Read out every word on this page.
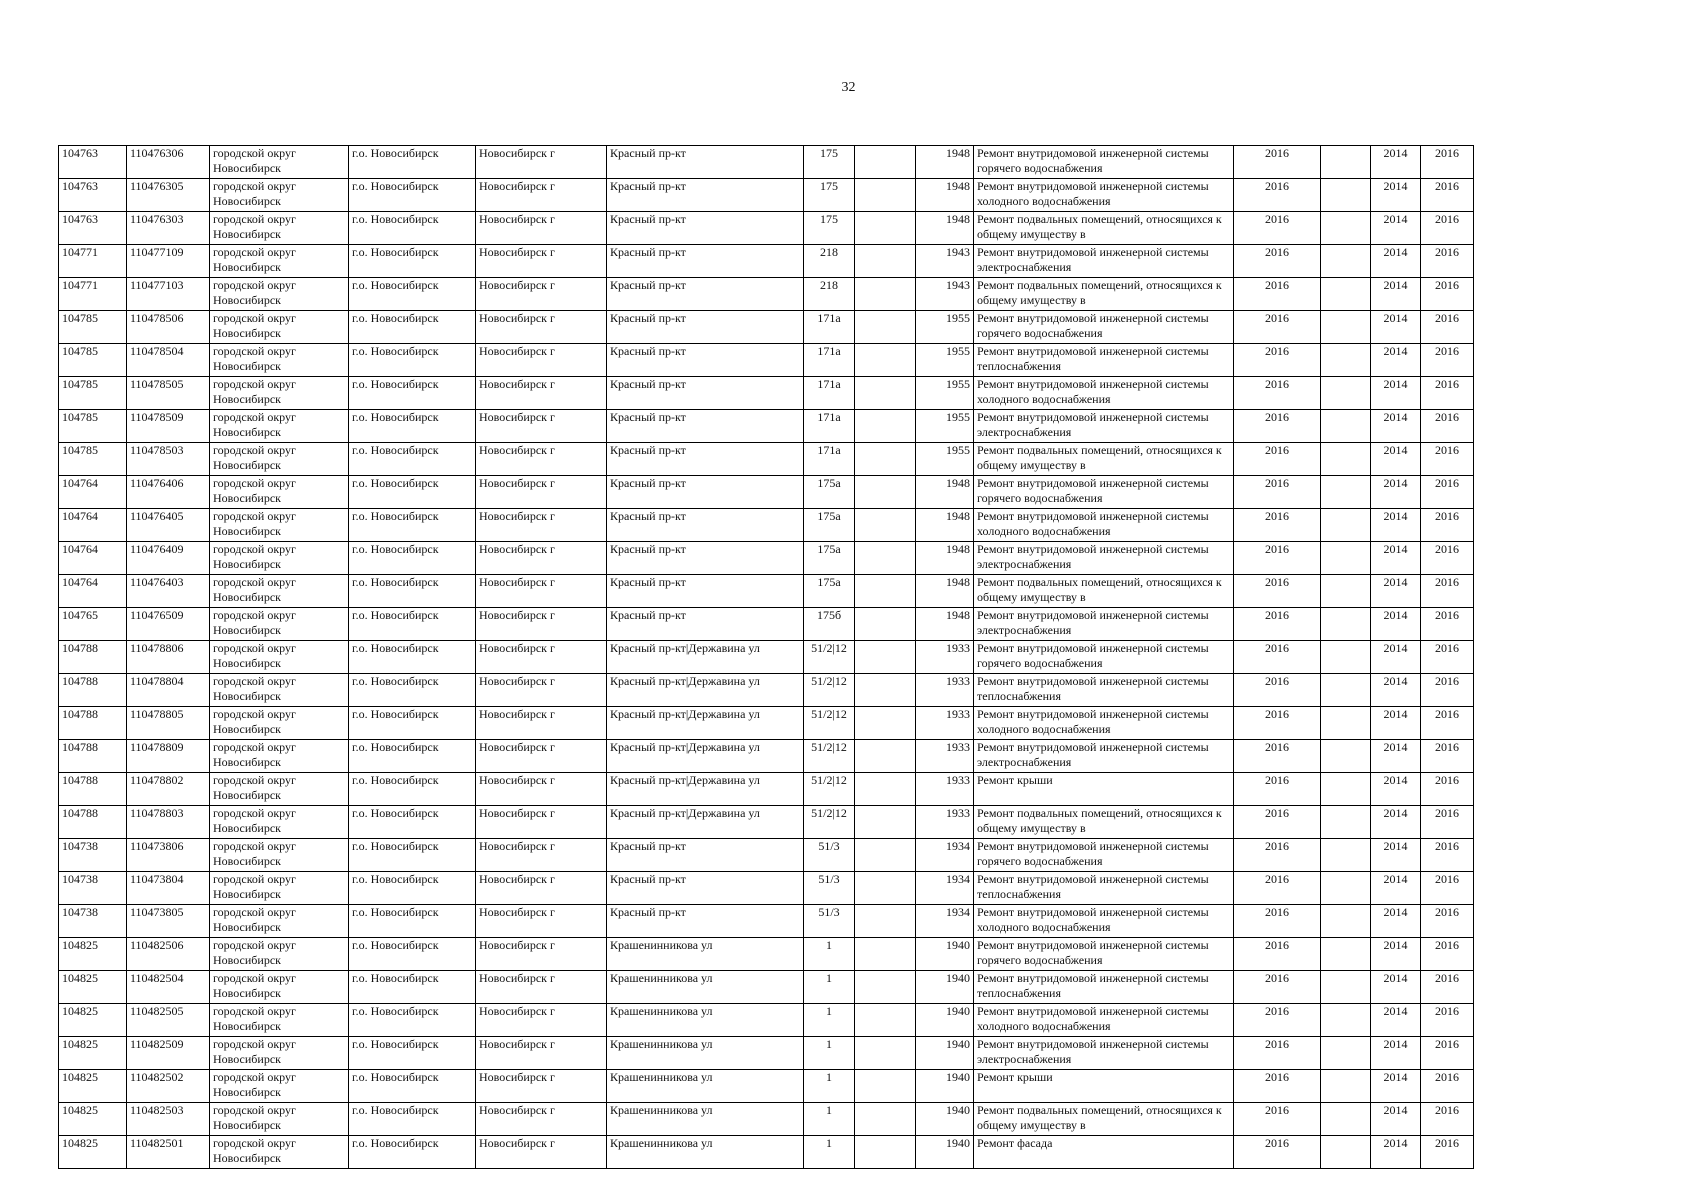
32
104763	110476306	городской округ Новосибирск	г.о. Новосибирск	Новосибирск г	Красный пр-кт	175		1948	Ремонт внутридомовой инженерной системы горячего водоснабжения	2016		2014	2016
104763	110476305	городской округ Новосибирск	г.о. Новосибирск	Новосибирск г	Красный пр-кт	175		1948	Ремонт внутридомовой инженерной системы холодного водоснабжения	2016		2014	2016
104763	110476303	городской округ Новосибирск	г.о. Новосибирск	Новосибирск г	Красный пр-кт	175		1948	Ремонт подвальных помещений, относящихся к общему имуществу в	2016		2014	2016
104771	110477109	городской округ Новосибирск	г.о. Новосибирск	Новосибирск г	Красный пр-кт	218		1943	Ремонт внутридомовой инженерной системы электроснабжения	2016		2014	2016
104771	110477103	городской округ Новосибирск	г.о. Новосибирск	Новосибирск г	Красный пр-кт	218		1943	Ремонт подвальных помещений, относящихся к общему имуществу в	2016		2014	2016
104785	110478506	городской округ Новосибирск	г.о. Новосибирск	Новосибирск г	Красный пр-кт	171а		1955	Ремонт внутридомовой инженерной системы горячего водоснабжения	2016		2014	2016
104785	110478504	городской округ Новосибирск	г.о. Новосибирск	Новосибирск г	Красный пр-кт	171а		1955	Ремонт внутридомовой инженерной системы теплоснабжения	2016		2014	2016
104785	110478505	городской округ Новосибирск	г.о. Новосибирск	Новосибирск г	Красный пр-кт	171а		1955	Ремонт внутридомовой инженерной системы холодного водоснабжения	2016		2014	2016
104785	110478509	городской округ Новосибирск	г.о. Новосибирск	Новосибирск г	Красный пр-кт	171а		1955	Ремонт внутридомовой инженерной системы электроснабжения	2016		2014	2016
104785	110478503	городской округ Новосибирск	г.о. Новосибирск	Новосибирск г	Красный пр-кт	171а		1955	Ремонт подвальных помещений, относящихся к общему имуществу в	2016		2014	2016
104764	110476406	городской округ Новосибирск	г.о. Новосибирск	Новосибирск г	Красный пр-кт	175а		1948	Ремонт внутридомовой инженерной системы горячего водоснабжения	2016		2014	2016
104764	110476405	городской округ Новосибирск	г.о. Новосибирск	Новосибирск г	Красный пр-кт	175а		1948	Ремонт внутридомовой инженерной системы холодного водоснабжения	2016		2014	2016
104764	110476409	городской округ Новосибирск	г.о. Новосибирск	Новосибирск г	Красный пр-кт	175а		1948	Ремонт внутридомовой инженерной системы электроснабжения	2016		2014	2016
104764	110476403	городской округ Новосибирск	г.о. Новосибирск	Новосибирск г	Красный пр-кт	175а		1948	Ремонт подвальных помещений, относящихся к общему имуществу в	2016		2014	2016
104765	110476509	городской округ Новосибирск	г.о. Новосибирск	Новосибирск г	Красный пр-кт	175б		1948	Ремонт внутридомовой инженерной системы электроснабжения	2016		2014	2016
104788	110478806	городской округ Новосибирск	г.о. Новосибирск	Новосибирск г	Красный пр-кт|Державина ул	51/2|12		1933	Ремонт внутридомовой инженерной системы горячего водоснабжения	2016		2014	2016
104788	110478804	городской округ Новосибирск	г.о. Новосибирск	Новосибирск г	Красный пр-кт|Державина ул	51/2|12		1933	Ремонт внутридомовой инженерной системы теплоснабжения	2016		2014	2016
104788	110478805	городской округ Новосибирск	г.о. Новосибирск	Новосибирск г	Красный пр-кт|Державина ул	51/2|12		1933	Ремонт внутридомовой инженерной системы холодного водоснабжения	2016		2014	2016
104788	110478809	городской округ Новосибирск	г.о. Новосибирск	Новосибирск г	Красный пр-кт|Державина ул	51/2|12		1933	Ремонт внутридомовой инженерной системы электроснабжения	2016		2014	2016
104788	110478802	городской округ Новосибирск	г.о. Новосибирск	Новосибирск г	Красный пр-кт|Державина ул	51/2|12		1933	Ремонт крыши	2016		2014	2016
104788	110478803	городской округ Новосибирск	г.о. Новосибирск	Новосибирск г	Красный пр-кт|Державина ул	51/2|12		1933	Ремонт подвальных помещений, относящихся к общему имуществу в	2016		2014	2016
104738	110473806	городской округ Новосибирск	г.о. Новосибирск	Новосибирск г	Красный пр-кт	51/3		1934	Ремонт внутридомовой инженерной системы горячего водоснабжения	2016		2014	2016
104738	110473804	городской округ Новосибирск	г.о. Новосибирск	Новосибирск г	Красный пр-кт	51/3		1934	Ремонт внутридомовой инженерной системы теплоснабжения	2016		2014	2016
104738	110473805	городской округ Новосибирск	г.о. Новосибирск	Новосибирск г	Красный пр-кт	51/3		1934	Ремонт внутридомовой инженерной системы холодного водоснабжения	2016		2014	2016
104825	110482506	городской округ Новосибирск	г.о. Новосибирск	Новосибирск г	Крашенинникова ул	1		1940	Ремонт внутридомовой инженерной системы горячего водоснабжения	2016		2014	2016
104825	110482504	городской округ Новосибирск	г.о. Новосибирск	Новосибирск г	Крашенинникова ул	1		1940	Ремонт внутридомовой инженерной системы теплоснабжения	2016		2014	2016
104825	110482505	городской округ Новосибирск	г.о. Новосибирск	Новосибирск г	Крашенинникова ул	1		1940	Ремонт внутридомовой инженерной системы холодного водоснабжения	2016		2014	2016
104825	110482509	городской округ Новосибирск	г.о. Новосибирск	Новосибирск г	Крашенинникова ул	1		1940	Ремонт внутридомовой инженерной системы электроснабжения	2016		2014	2016
104825	110482502	городской округ Новосибирск	г.о. Новосибирск	Новосибирск г	Крашенинникова ул	1		1940	Ремонт крыши	2016		2014	2016
104825	110482503	городской округ Новосибирск	г.о. Новосибирск	Новосибирск г	Крашенинникова ул	1		1940	Ремонт подвальных помещений, относящихся к общему имуществу в	2016		2014	2016
104825	110482501	городской округ Новосибирск	г.о. Новосибирск	Новосибирск г	Крашенинникова ул	1		1940	Ремонт фасада	2016		2014	2016
